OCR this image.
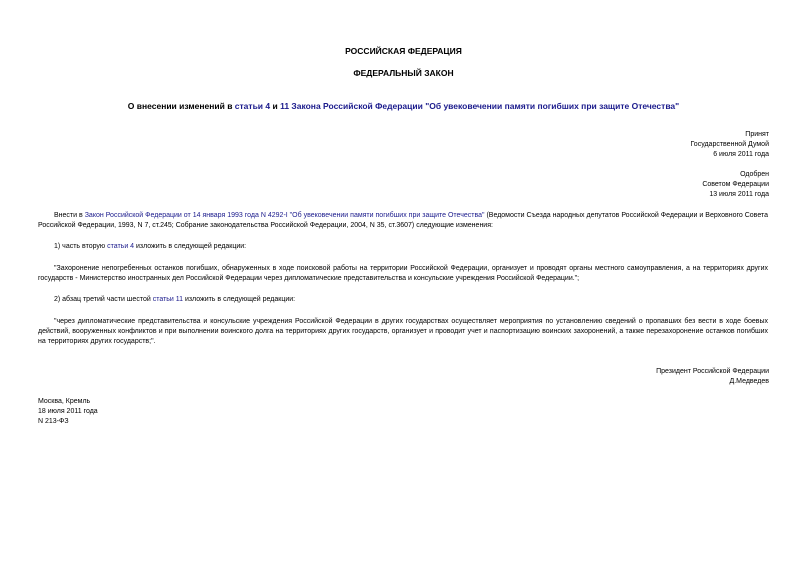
РОССИЙСКАЯ ФЕДЕРАЦИЯ
ФЕДЕРАЛЬНЫЙ ЗАКОН
О внесении изменений в статьи 4 и 11 Закона Российской Федерации "Об увековечении памяти погибших при защите Отечества"
Принят
Государственной Думой
6 июля 2011 года
Одобрен
Советом Федерации
13 июля 2011 года
Внести в Закон Российской Федерации от 14 января 1993 года N 4292-I "Об увековечении памяти погибших при защите Отечества" (Ведомости Съезда народных депутатов Российской Федерации и Верховного Совета Российской Федерации, 1993, N 7, ст.245; Собрание законодательства Российской Федерации, 2004, N 35, ст.3607) следующие изменения:
1) часть вторую статьи 4 изложить в следующей редакции:
"Захоронение непогребенных останков погибших, обнаруженных в ходе поисковой работы на территории Российской Федерации, организует и проводят органы местного самоуправления, а на территориях других государств - Министерство иностранных дел Российской Федерации через дипломатические представительства и консульские учреждения Российской Федерации.";
2) абзац третий части шестой статьи 11 изложить в следующей редакции:
"через дипломатические представительства и консульские учреждения Российской Федерации в других государствах осуществляет мероприятия по установлению сведений о пропавших без вести в ходе боевых действий, вооруженных конфликтов и при выполнении воинского долга на территориях других государств, организует и проводит учет и паспортизацию воинских захоронений, а также перезахоронение останков погибших на территориях других государств;".
Президент Российской Федерации
Д.Медведев
Москва, Кремль
18 июля 2011 года
N 213-ФЗ
